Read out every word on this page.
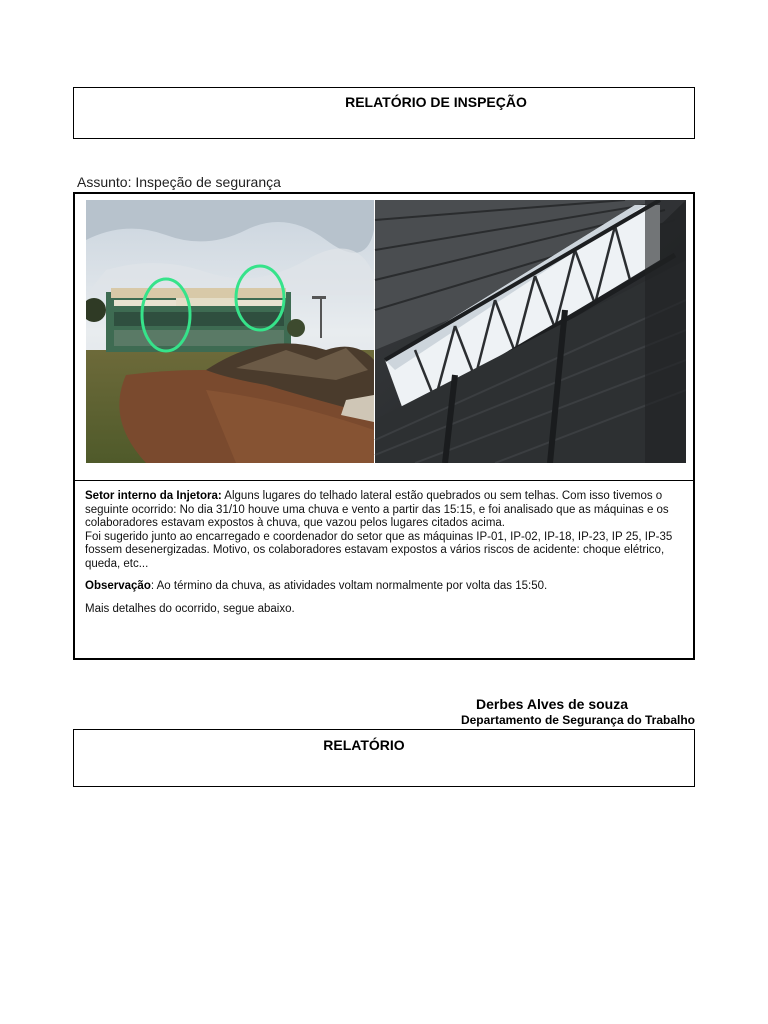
RELATÓRIO DE INSPEÇÃO
Assunto: Inspeção de segurança

Setor interno da Injetora: Alguns lugares do telhado lateral estão quebrados ou sem telhas. Com isso tivemos o seguinte ocorrido: No dia 31/10 houve uma chuva e vento a partir das 15:15, e foi analisado que as máquinas e os colaboradores estavam expostos à chuva, que vazou pelos lugares citados acima.
Foi sugerido junto ao encarregado e coordenador do setor que as máquinas IP-01, IP-02, IP-18, IP-23, IP 25, IP-35 fossem desenergizadas. Motivo, os colaboradores estavam expostos a vários riscos de acidente: choque elétrico, queda, etc...

Observação: Ao término da chuva, as atividades voltam normalmente por volta das 15:50.

Mais detalhes do ocorrido, segue abaixo.

Derbes Alves de souza
Departamento de Segurança do Trabalho
RELATÓRIO
